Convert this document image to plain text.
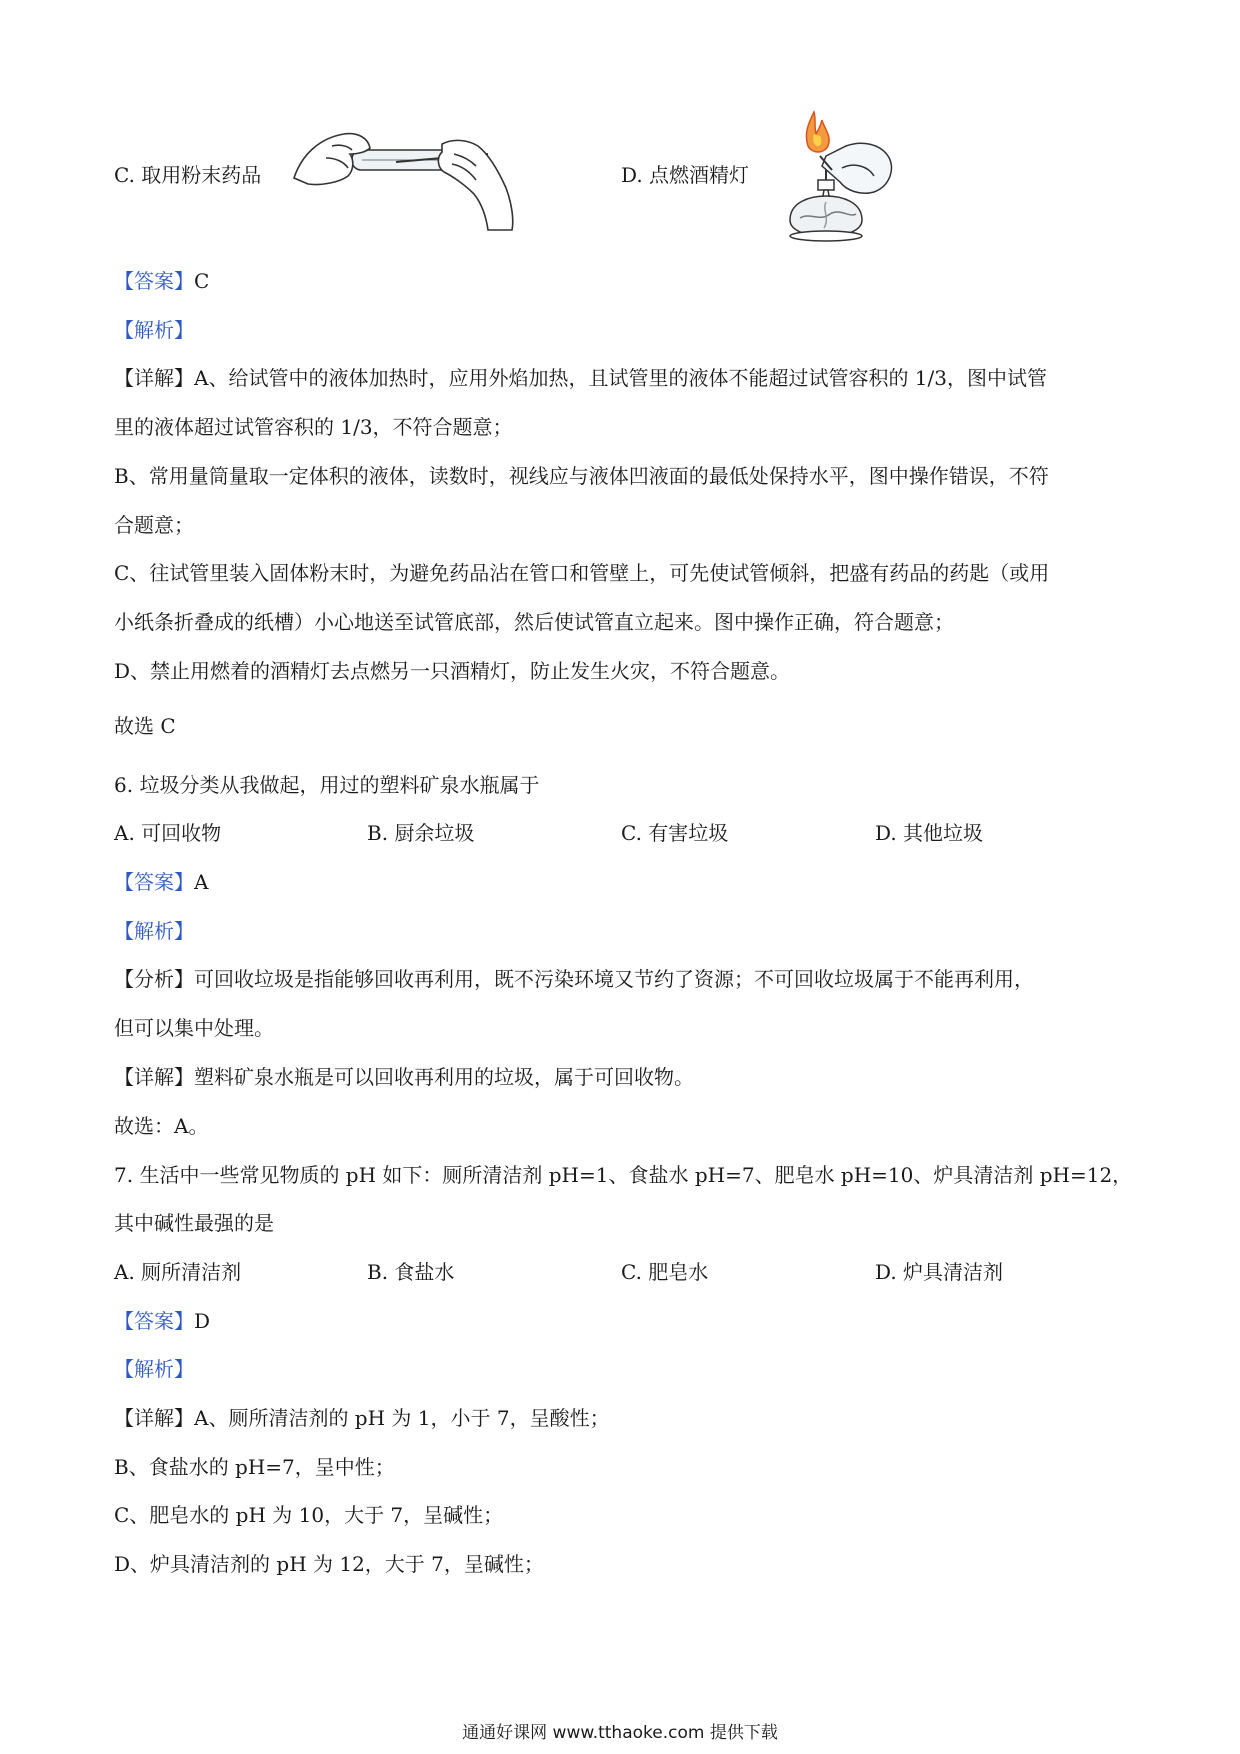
C. 取用粉末药品	D. 点燃酒精灯
【答案】C
【解析】
【详解】A、给试管中的液体加热时，应用外焰加热，且试管里的液体不能超过试管容积的 1/3，图中试管
里的液体超过试管容积的 1/3，不符合题意；
B、常用量筒量取一定体积的液体，读数时，视线应与液体凹液面的最低处保持水平，图中操作错误，不符
合题意；
C、往试管里装入固体粉末时，为避免药品沾在管口和管壁上，可先使试管倾斜，把盛有药品的药匙（或用
小纸条折叠成的纸槽）小心地送至试管底部，然后使试管直立起来。图中操作正确，符合题意；
D、禁止用燃着的酒精灯去点燃另一只酒精灯，防止发生火灾，不符合题意。
故选 C
6. 垃圾分类从我做起，用过的塑料矿泉水瓶属于
A. 可回收物	B. 厨余垃圾	C. 有害垃圾	D. 其他垃圾
【答案】A
【解析】
【分析】可回收垃圾是指能够回收再利用，既不污染环境又节约了资源；不可回收垃圾属于不能再利用，
但可以集中处理。
【详解】塑料矿泉水瓶是可以回收再利用的垃圾，属于可回收物。
故选：A。
7. 生活中一些常见物质的 pH 如下：厕所清洁剂 pH=1、食盐水 pH=7、肥皂水 pH=10、炉具清洁剂 pH=12，
其中碱性最强的是
A. 厕所清洁剂	B. 食盐水	C. 肥皂水	D. 炉具清洁剂
【答案】D
【解析】
【详解】A、厕所清洁剂的 pH 为 1，小于 7，呈酸性；
B、食盐水的 pH=7，呈中性；
C、肥皂水的 pH 为 10，大于 7，呈碱性；
D、炉具清洁剂的 pH 为 12，大于 7，呈碱性；
通通好课网 www.tthaoke.com 提供下载
